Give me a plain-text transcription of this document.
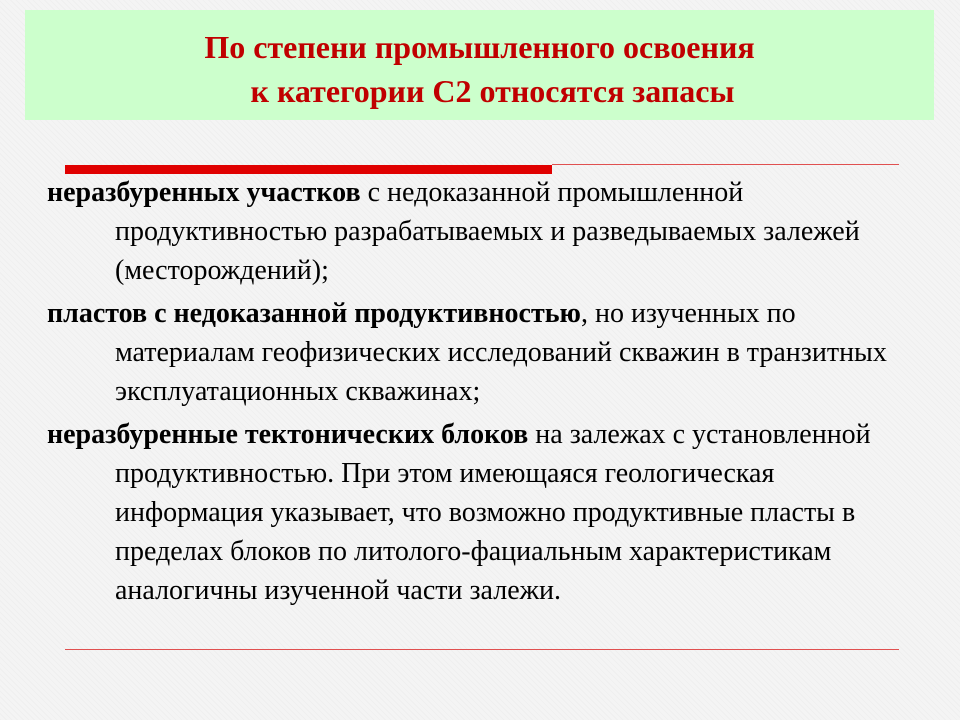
По степени промышленного освоения
к категории С2 относятся запасы

неразбуренных участков с недоказанной промышленной продуктивностью разрабатываемых и разведываемых залежей (месторождений);

пластов с недоказанной продуктивностью, но изученных по материалам геофизических исследований скважин в транзитных эксплуатационных скважинах;

неразбуренные тектонических блоков на залежах с установленной продуктивностью. При этом имеющаяся геологическая информация указывает, что возможно продуктивные пласты в пределах блоков по литолого-фациальным характеристикам аналогичны изученной части залежи.
